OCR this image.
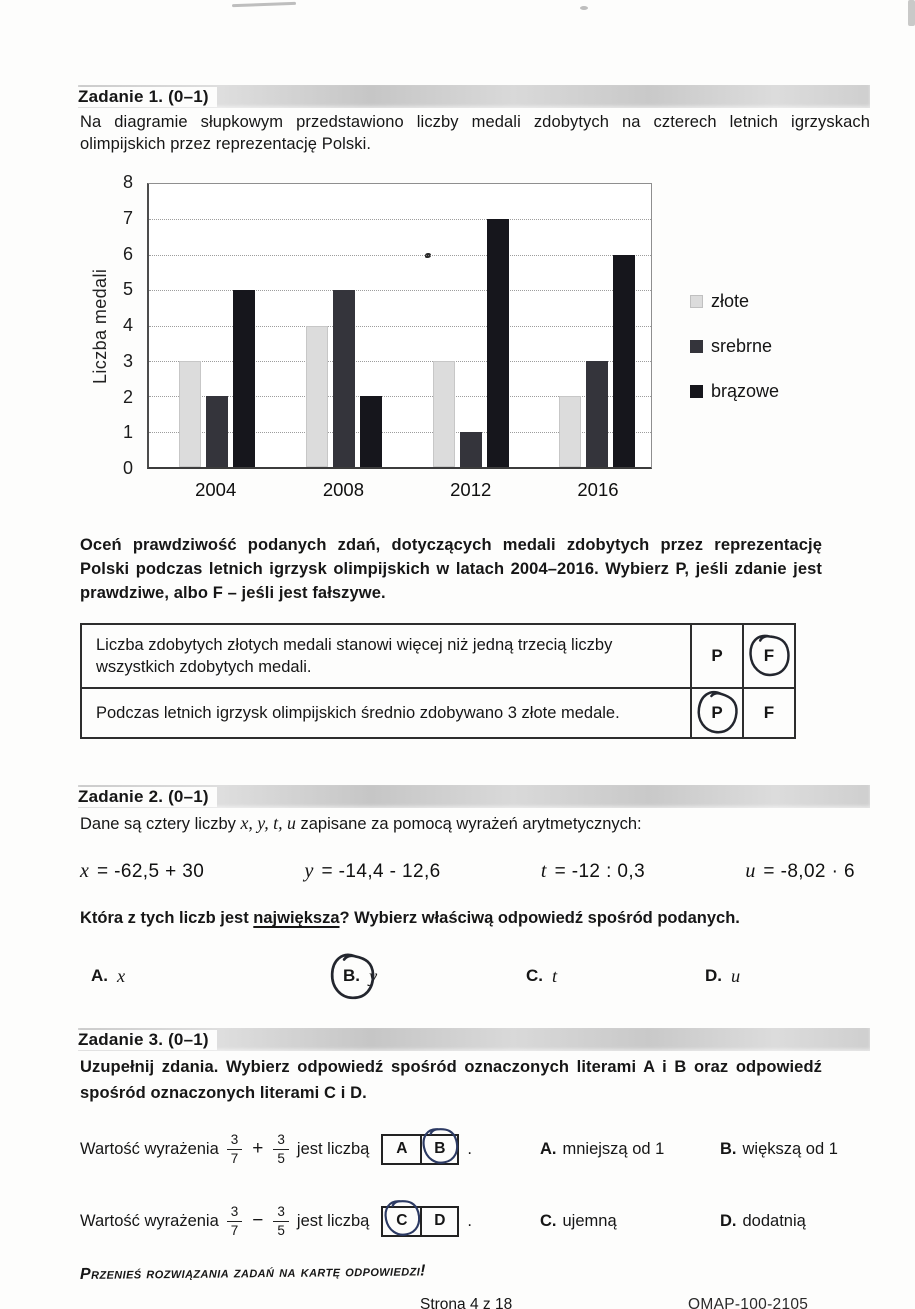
Zadanie 1. (0–1)

Na diagramie słupkowym przedstawiono liczby medali zdobytych na czterech letnich igrzyskach olimpijskich przez reprezentację Polski.

Liczba medali
0
1
2
3
4
5
6
7
8
2004	2008	2012	2016
złote
srebrne
brązowe

Oceń prawdziwość podanych zdań, dotyczących medali zdobytych przez reprezentację Polski podczas letnich igrzysk olimpijskich w latach 2004–2016. Wybierz P, jeśli zdanie jest prawdziwe, albo F – jeśli jest fałszywe.

Liczba zdobytych złotych medali stanowi więcej niż jedną trzecią liczby wszystkich zdobytych medali.	P	F

Podczas letnich igrzysk olimpijskich średnio zdobywano 3 złote medale.	P	F
Zadanie 2. (0–1)

Dane są cztery liczby x, y, t, u zapisane za pomocą wyrażeń arytmetycznych:

x = -62,5 + 30	y = -14,4 - 12,6	t = -12 : 0,3	u = -8,02 · 6

Która z tych liczb jest największa? Wybierz właściwą odpowiedź spośród podanych.

A. x	B. y	C. t	D. u
Zadanie 3. (0–1)

Uzupełnij zdania. Wybierz odpowiedź spośród oznaczonych literami A i B oraz odpowiedź spośród oznaczonych literami C i D.

Wartość wyrażenia $\frac{3}{7} + \frac{3}{5}$ jest liczbą A B .	A. mniejszą od 1	B. większą od 1
Wartość wyrażenia $\frac{3}{7} - \frac{3}{5}$ jest liczbą C D .	C. ujemną	D. dodatnią

Przenieś rozwiązania zadań na kartę odpowiedzi!

Strona 4 z 18	OMAP-100-2105
